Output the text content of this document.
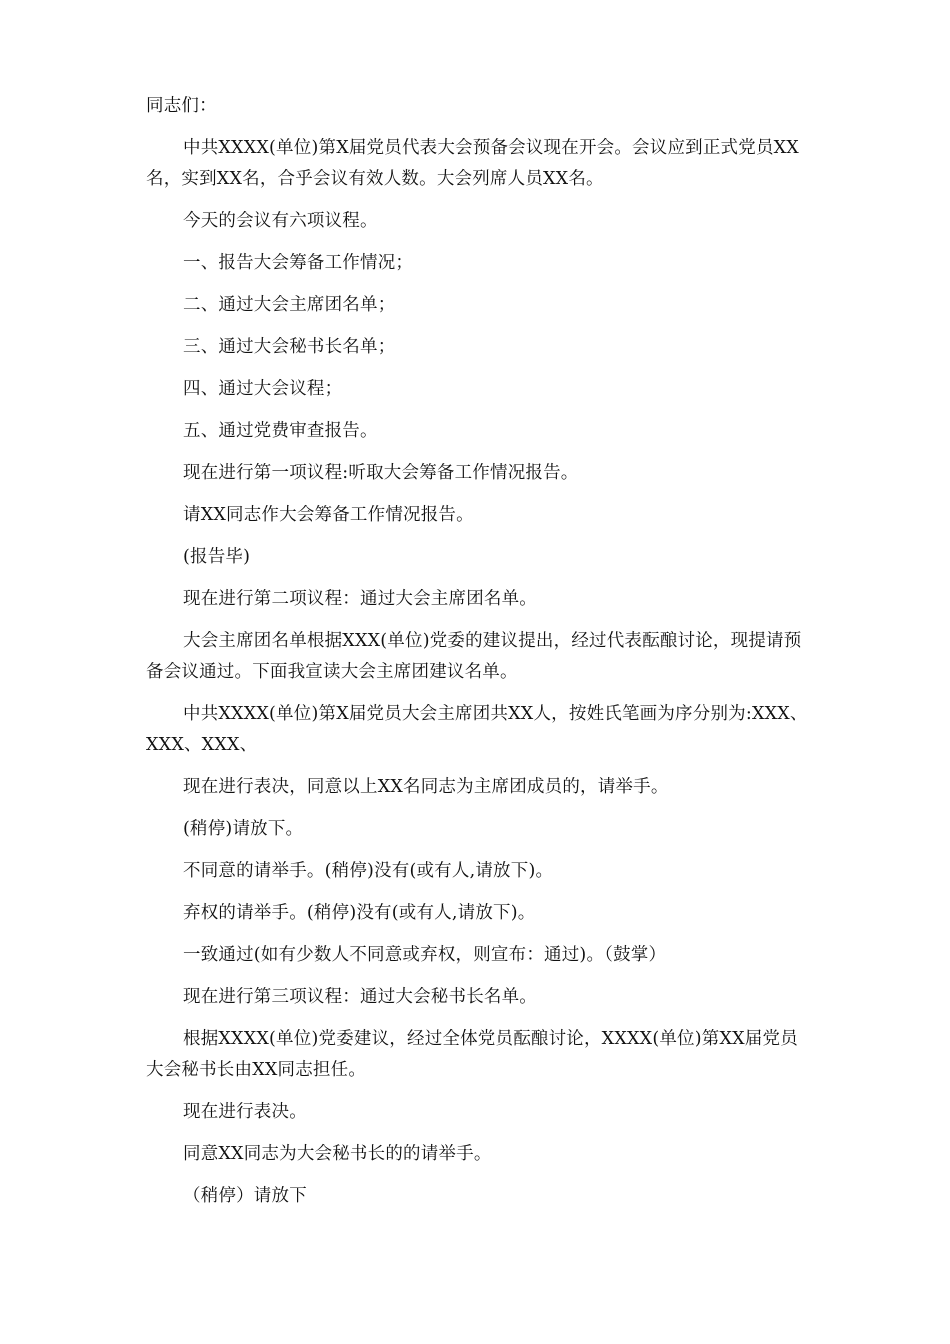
同志们：

中共XXXX(单位)第X届党员代表大会预备会议现在开会。会议应到正式党员XX名，实到XX名，合乎会议有效人数。大会列席人员XX名。

今天的会议有六项议程。

一、报告大会筹备工作情况；

二、通过大会主席团名单；

三、通过大会秘书长名单；

四、通过大会议程；

五、通过党费审查报告。

现在进行第一项议程:听取大会筹备工作情况报告。

请XX同志作大会筹备工作情况报告。

(报告毕)

现在进行第二项议程：通过大会主席团名单。

大会主席团名单根据XXX(单位)党委的建议提出，经过代表酝酿讨论，现提请预备会议通过。下面我宣读大会主席团建议名单。

中共XXXX(单位)第X届党员大会主席团共XX人，按姓氏笔画为序分别为:XXX、XXX、XXX、

现在进行表决，同意以上XX名同志为主席团成员的，请举手。

(稍停)请放下。

不同意的请举手。(稍停)没有(或有人,请放下)。

弃权的请举手。(稍停)没有(或有人,请放下)。

一致通过(如有少数人不同意或弃权，则宣布：通过)。（鼓掌）

现在进行第三项议程：通过大会秘书长名单。

根据XXXX(单位)党委建议，经过全体党员酝酿讨论，XXXX(单位)第XX届党员大会秘书长由XX同志担任。

现在进行表决。

同意XX同志为大会秘书长的的请举手。

（稍停）请放下
